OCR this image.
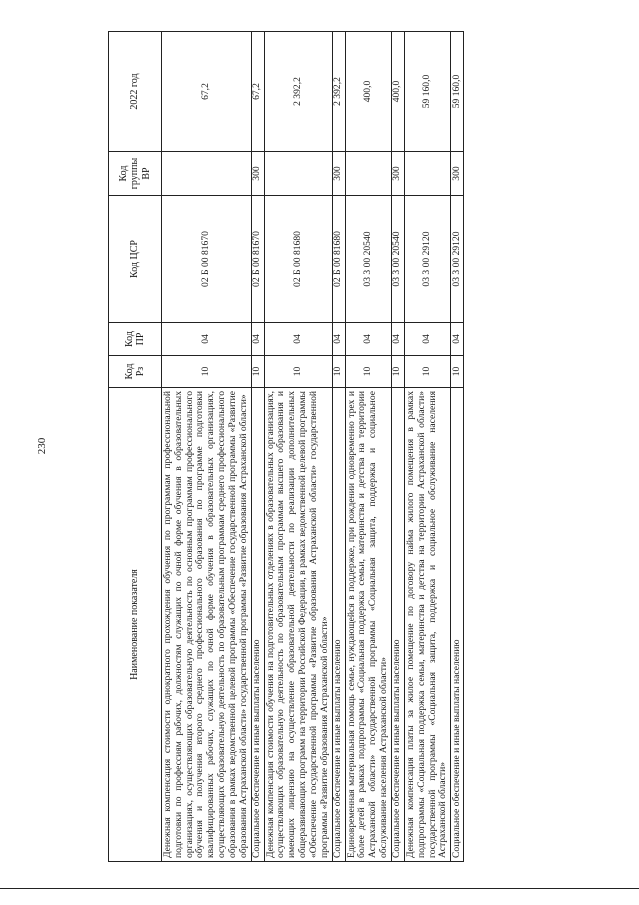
230
Наименование показателя	Код Рз	Код ПР	Код ЦСР	Код группы ВР	2022 год
Денежная компенсация стоимости однократного прохождения обучения по программам профессиональной подготовки по профессиям рабочих, должностям служащих по очной форме обучения в образовательных организациях, осуществляющих образовательную деятельность по основным программам профессионального обучения и получения второго среднего профессионального образования по программе подготовки квалифицированных рабочих, служащих по очной форме обучения в образовательных организациях, осуществляющих образовательную деятельность по образовательным программам среднего профессионального образования в рамках ведомственной целевой программы «Обеспечение государственной программы «Развитие образования Астраханской области» государственной программы «Развитие образования Астраханской области»	10	04	02 Б 00 81670		67,2
Социальное обеспечение и иные выплаты населению	10	04	02 Б 00 81670	300	67,2
Денежная компенсация стоимости обучения на подготовительных отделениях в образовательных организациях, осуществляющих образовательную деятельность по образовательным программам высшего образования и имеющих лицензию на осуществление образовательной деятельности по реализации дополнительных общеразвивающих программ на территории Российской Федерации, в рамках ведомственной целевой программы «Обеспечение государственной программы «Развитие образования Астраханской области» государственной программы «Развитие образования Астраханской области»	10	04	02 Б 00 81680		2 392,2
Социальное обеспечение и иные выплаты населению	10	04	02 Б 00 81680	300	2 392,2
Единовременная материальная помощь семье, нуждающейся в поддержке, при рождении одновременно трех и более детей в рамках подпрограммы «Социальная поддержка семьи, материнства и детства на территории Астраханской области» государственной программы «Социальная защита, поддержка и социальное обслуживание населения Астраханской области»	10	04	03 3 00 20540		400,0
Социальное обеспечение и иные выплаты населению	10	04	03 3 00 20540	300	400,0
Денежная компенсация платы за жилое помещение по договору найма жилого помещения в рамках подпрограммы «Социальная поддержка семьи, материнства и детства на территории Астраханской области» государственной программы «Социальная защита, поддержка и социальное обслуживание населения Астраханской области»	10	04	03 3 00 29120		59 160,0
Социальное обеспечение и иные выплаты населению	10	04	03 3 00 29120	300	59 160,0
